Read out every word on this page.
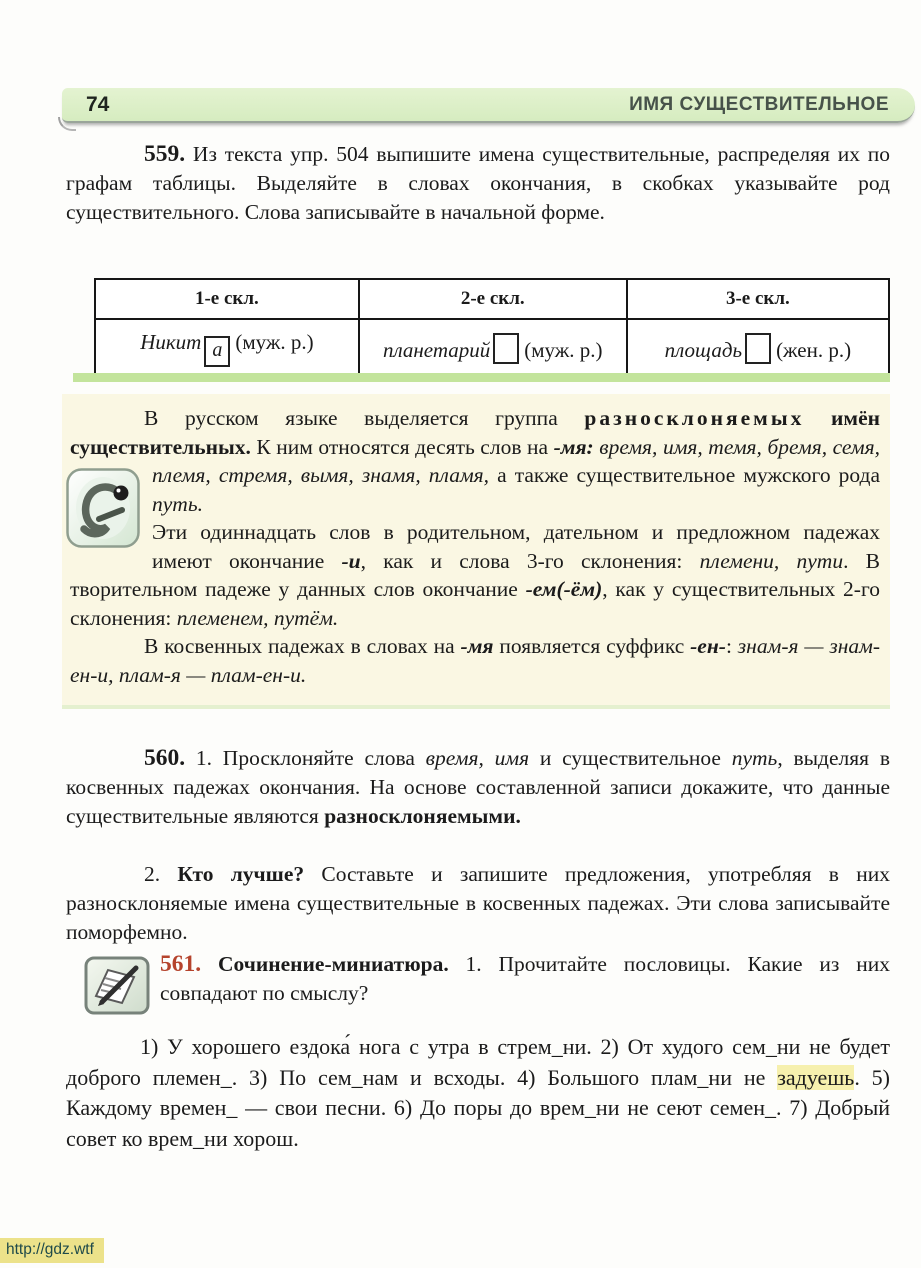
74	ИМЯ СУЩЕСТВИТЕЛЬНОЕ

559. Из текста упр. 504 выпишите имена существительные, распределяя их по графам таблицы. Выделяйте в словах окончания, в скобках указывайте род существительного. Слова записывайте в начальной форме.

1-е скл.	2-е скл.	3-е скл.
Никит а (муж. р.)	планетарий (муж. р.)	площадь (жен. р.)

В русском языке выделяется группа разносклоняемых имён существительных. К ним относятся десять слов на -мя: время, имя, темя, бремя, семя, племя, стремя, вымя, знамя, пламя, а также существительное мужского рода путь.

Эти одиннадцать слов в родительном, дательном и предложном падежах имеют окончание -и, как и слова 3-го склонения: племени, пути. В творительном падеже у данных слов окончание -ем(-ём), как у существительных 2-го склонения: племенем, путём.

В косвенных падежах в словах на -мя появляется суффикс -ен-: знам-я — знам-ен-и, плам-я — плам-ен-и.

560. 1. Просклоняйте слова время, имя и существительное путь, выделяя в косвенных падежах окончания. На основе составленной записи докажите, что данные существительные являются разносклоняемыми.

2. Кто лучше? Составьте и запишите предложения, употребляя в них разносклоняемые имена существительные в косвенных падежах. Эти слова записывайте поморфемно.

561. Сочинение-миниатюра. 1. Прочитайте пословицы. Какие из них совпадают по смыслу?

1) У хорошего ездока́ нога с утра в стрем_ни. 2) От худого сем_ни не будет доброго племен_. 3) По сем_нам и всходы. 4) Большого плам_ни не задуешь. 5) Каждому времен_ — свои песни. 6) До поры до врем_ни не сеют семен_. 7) Добрый совет ко врем_ни хорош.

http://gdz.wtf
